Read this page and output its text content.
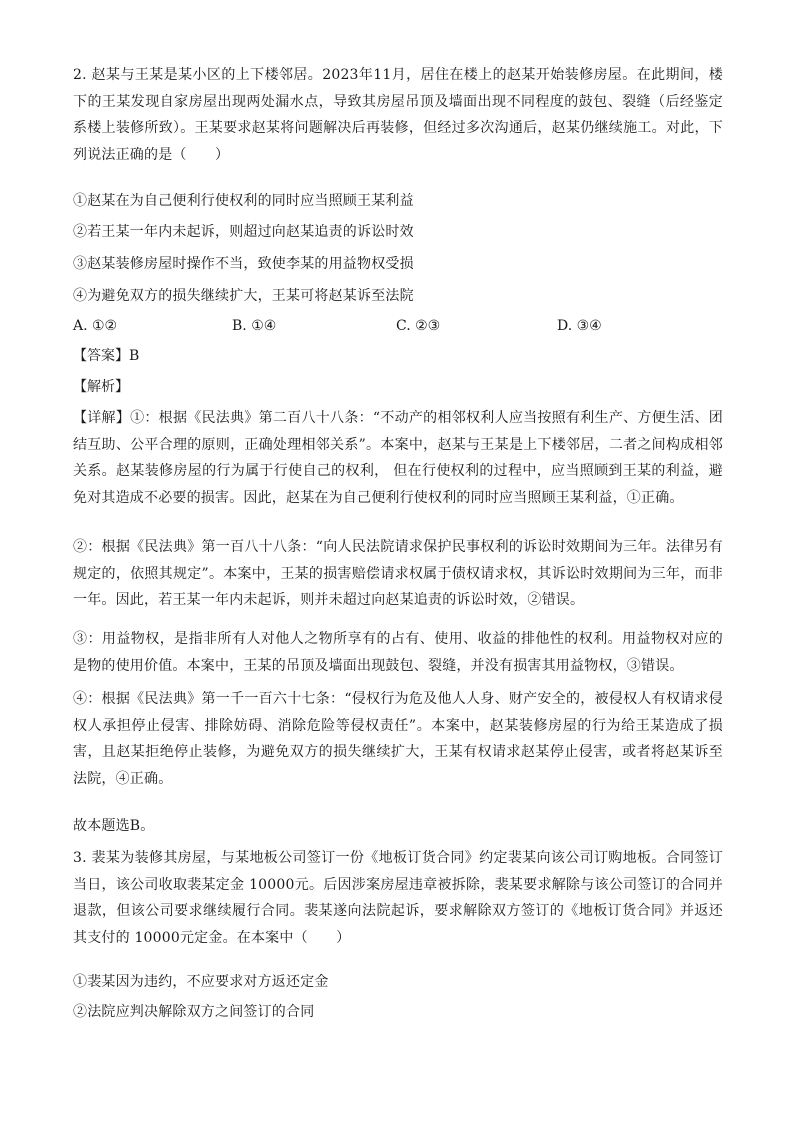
2. 赵某与王某是某小区的上下楼邻居。2023年11月，居住在楼上的赵某开始装修房屋。在此期间，楼下的王某发现自家房屋出现两处漏水点，导致其房屋吊顶及墙面出现不同程度的鼓包、裂缝（后经鉴定系楼上装修所致）。王某要求赵某将问题解决后再装修，但经过多次沟通后，赵某仍继续施工。对此，下列说法正确的是（　　）

①赵某在为自己便利行使权利的同时应当照顾王某利益

②若王某一年内未起诉，则超过向赵某追责的诉讼时效

③赵某装修房屋时操作不当，致使李某的用益物权受损

④为避免双方的损失继续扩大，王某可将赵某诉至法院

A. ①②	B. ①④	C. ②③	D. ③④

【答案】B

【解析】

【详解】①：根据《民法典》第二百八十八条：“不动产的相邻权利人应当按照有利生产、方便生活、团结互助、公平合理的原则，正确处理相邻关系”。本案中，赵某与王某是上下楼邻居，二者之间构成相邻关系。赵某装修房屋的行为属于行使自己的权利， 但在行使权利的过程中，应当照顾到王某的利益，避免对其造成不必要的损害。因此，赵某在为自己便利行使权利的同时应当照顾王某利益，①正确。

②：根据《民法典》第一百八十八条：“向人民法院请求保护民事权利的诉讼时效期间为三年。法律另有规定的，依照其规定”。本案中，王某的损害赔偿请求权属于债权请求权，其诉讼时效期间为三年，而非一年。因此，若王某一年内未起诉，则并未超过向赵某追责的诉讼时效，②错误。

③：用益物权，是指非所有人对他人之物所享有的占有、使用、收益的排他性的权利。用益物权对应的是物的使用价值。本案中，王某的吊顶及墙面出现鼓包、裂缝，并没有损害其用益物权，③错误。

④：根据《民法典》第一千一百六十七条：“侵权行为危及他人人身、财产安全的，被侵权人有权请求侵权人承担停止侵害、排除妨碍、消除危险等侵权责任”。本案中，赵某装修房屋的行为给王某造成了损害，且赵某拒绝停止装修，为避免双方的损失继续扩大，王某有权请求赵某停止侵害，或者将赵某诉至法院，④正确。

故本题选B。

3. 裴某为装修其房屋，与某地板公司签订一份《地板订货合同》约定裴某向该公司订购地板。合同签订当日，该公司收取裴某定金 10000元。后因涉案房屋违章被拆除，裴某要求解除与该公司签订的合同并退款，但该公司要求继续履行合同。裴某遂向法院起诉，要求解除双方签订的《地板订货合同》并返还其支付的 10000元定金。在本案中（　　）

①裴某因为违约，不应要求对方返还定金

②法院应判决解除双方之间签订的合同
